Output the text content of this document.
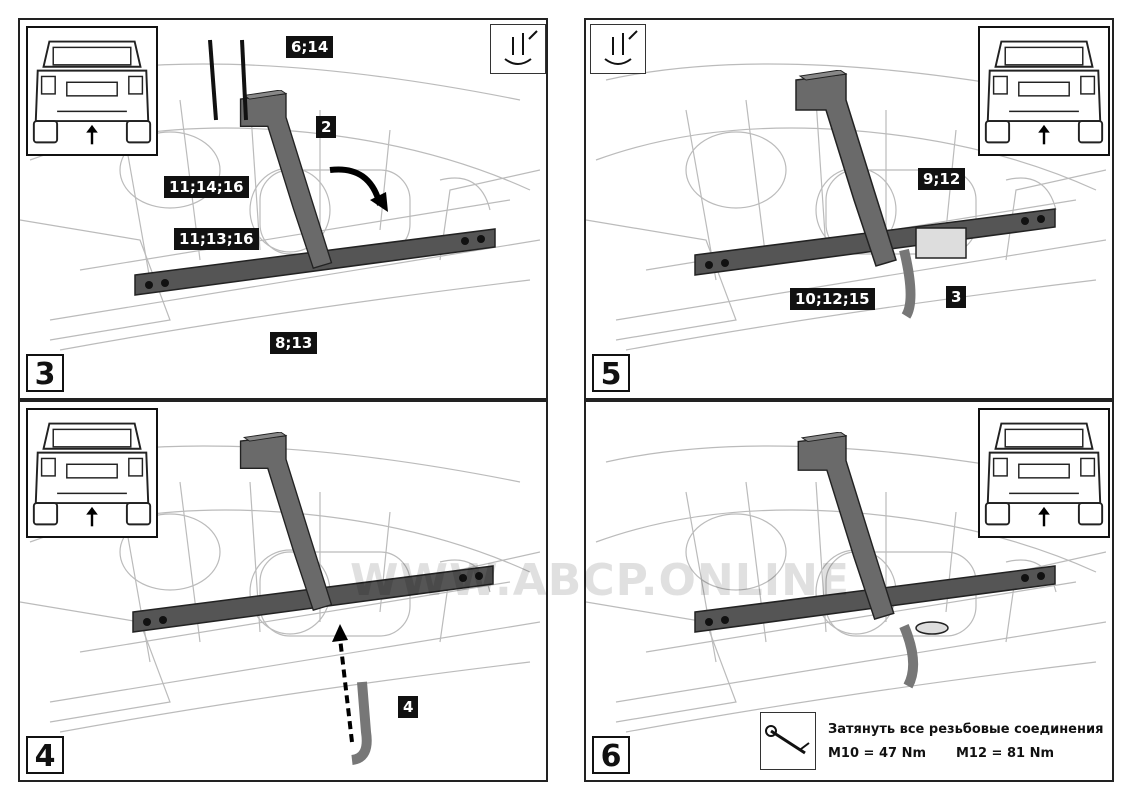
6;14
2
11;14;16
11;13;16
8;13
3
9;12
10;12;15	3
5
4
4	6
WWW.ABCP.ONLINE
Затянуть все резьбовые соединения
M10 = 47 Nm M12 = 81 Nm
